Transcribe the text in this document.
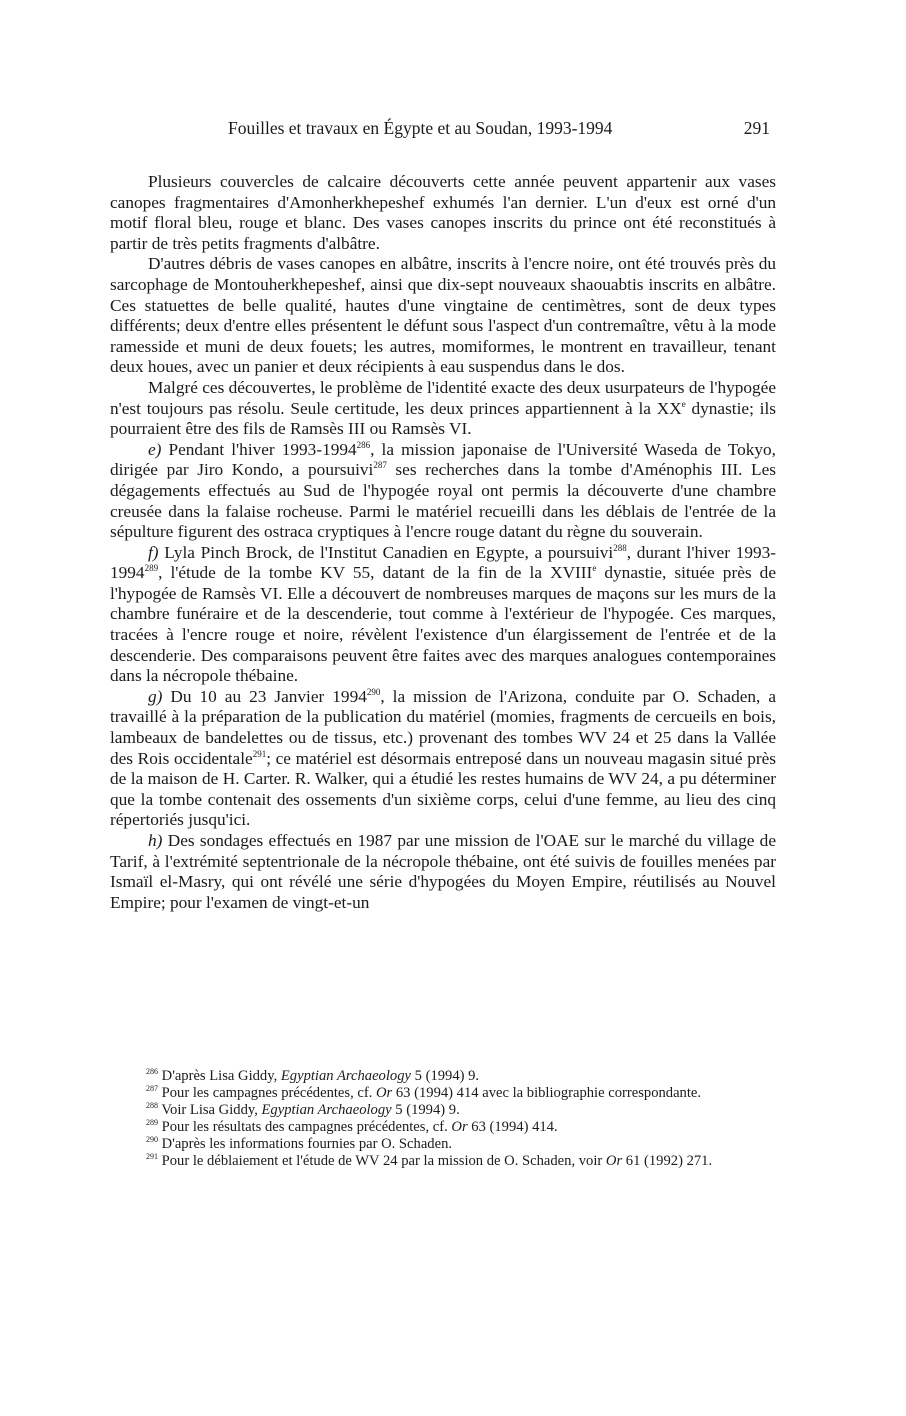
Fouilles et travaux en Égypte et au Soudan, 1993-1994	291

Plusieurs couvercles de calcaire découverts cette année peuvent appartenir aux vases canopes fragmentaires d'Amonherkhepeshef exhumés l'an dernier. L'un d'eux est orné d'un motif floral bleu, rouge et blanc. Des vases canopes inscrits du prince ont été reconstitués à partir de très petits fragments d'albâtre.

D'autres débris de vases canopes en albâtre, inscrits à l'encre noire, ont été trouvés près du sarcophage de Montouherkhepeshef, ainsi que dix-sept nouveaux shaouabtis inscrits en albâtre. Ces statuettes de belle qualité, hautes d'une vingtaine de centimètres, sont de deux types différents; deux d'entre elles présentent le défunt sous l'aspect d'un contremaître, vêtu à la mode ramesside et muni de deux fouets; les autres, momiformes, le montrent en travailleur, tenant deux houes, avec un panier et deux récipients à eau suspendus dans le dos.

Malgré ces découvertes, le problème de l'identité exacte des deux usurpateurs de l'hypogée n'est toujours pas résolu. Seule certitude, les deux princes appartiennent à la XXe dynastie; ils pourraient être des fils de Ramsès III ou Ramsès VI.

e) Pendant l'hiver 1993-1994$^{286}$, la mission japonaise de l'Université Waseda de Tokyo, dirigée par Jiro Kondo, a poursuivi$^{287}$ ses recherches dans la tombe d'Aménophis III. Les dégagements effectués au Sud de l'hypogée royal ont permis la découverte d'une chambre creusée dans la falaise rocheuse. Parmi le matériel recueilli dans les déblais de l'entrée de la sépulture figurent des ostraca cryptiques à l'encre rouge datant du règne du souverain.

f) Lyla Pinch Brock, de l'Institut Canadien en Egypte, a poursuivi$^{288}$, durant l'hiver 1993-1994$^{289}$, l'étude de la tombe KV 55, datant de la fin de la XVIIIe dynastie, située près de l'hypogée de Ramsès VI. Elle a découvert de nombreuses marques de maçons sur les murs de la chambre funéraire et de la descenderie, tout comme à l'extérieur de l'hypogée. Ces marques, tracées à l'encre rouge et noire, révèlent l'existence d'un élargissement de l'entrée et de la descenderie. Des comparaisons peuvent être faites avec des marques analogues contemporaines dans la nécropole thébaine.

g) Du 10 au 23 Janvier 1994$^{290}$, la mission de l'Arizona, conduite par O. Schaden, a travaillé à la préparation de la publication du matériel (momies, fragments de cercueils en bois, lambeaux de bandelettes ou de tissus, etc.) provenant des tombes WV 24 et 25 dans la Vallée des Rois occidentale$^{291}$; ce matériel est désormais entreposé dans un nouveau magasin situé près de la maison de H. Carter. R. Walker, qui a étudié les restes humains de WV 24, a pu déterminer que la tombe contenait des ossements d'un sixième corps, celui d'une femme, au lieu des cinq répertoriés jusqu'ici.

h) Des sondages effectués en 1987 par une mission de l'OAE sur le marché du village de Tarif, à l'extrémité septentrionale de la nécropole thébaine, ont été suivis de fouilles menées par Ismaïl el-Masry, qui ont révélé une série d'hypogées du Moyen Empire, réutilisés au Nouvel Empire; pour l'examen de vingt-et-un

$^{286}$ D'après Lisa Giddy, Egyptian Archaeology 5 (1994) 9.

$^{287}$ Pour les campagnes précédentes, cf. Or 63 (1994) 414 avec la bibliographie correspondante.

$^{288}$ Voir Lisa Giddy, Egyptian Archaeology 5 (1994) 9.

$^{289}$ Pour les résultats des campagnes précédentes, cf. Or 63 (1994) 414.

$^{290}$ D'après les informations fournies par O. Schaden.

$^{291}$ Pour le déblaiement et l'étude de WV 24 par la mission de O. Schaden, voir Or 61 (1992) 271.
